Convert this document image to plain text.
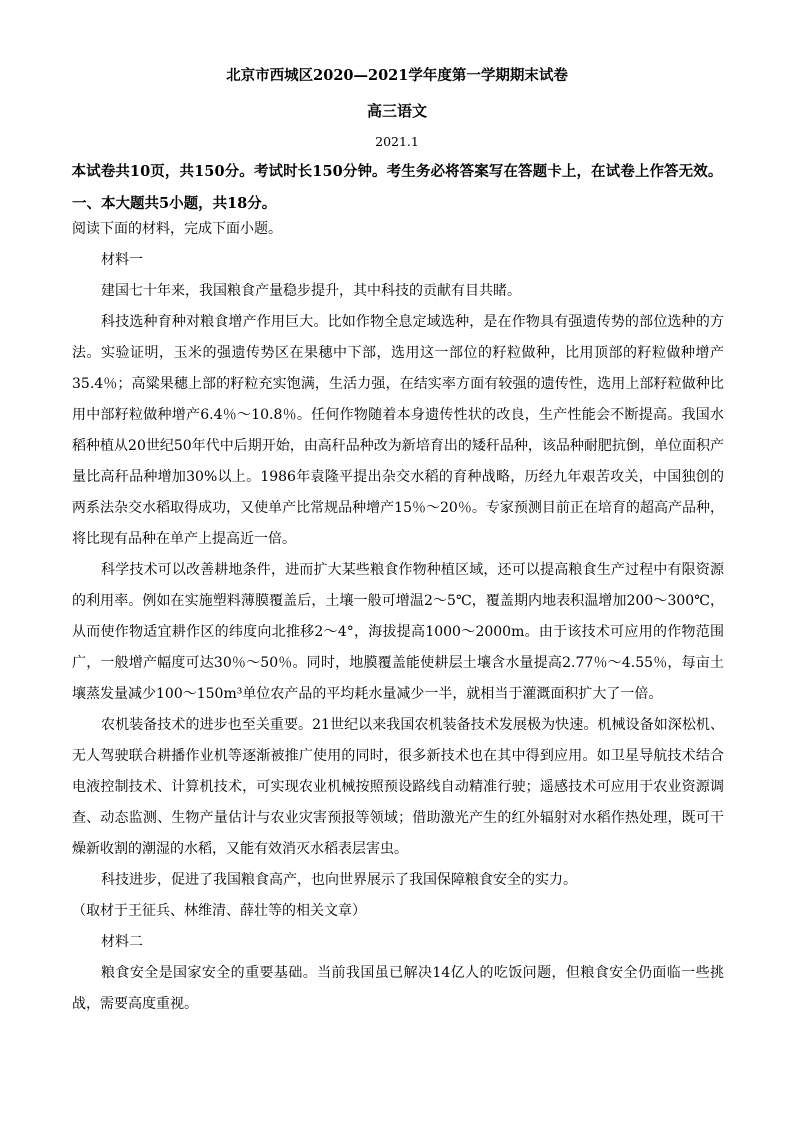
北京市西城区2020—2021学年度第一学期期末试卷
高三语文
2021.1
本试卷共10页，共150分。考试时长150分钟。考生务必将答案写在答题卡上，在试卷上作答无效。
一、本大题共5小题，共18分。

阅读下面的材料，完成下面小题。

材料一

建国七十年来，我国粮食产量稳步提升，其中科技的贡献有目共睹。

科技选种育种对粮食增产作用巨大。比如作物全息定域选种，是在作物具有强遗传势的部位选种的方法。实验证明，玉米的强遗传势区在果穗中下部，选用这一部位的籽粒做种，比用顶部的籽粒做种增产35.4％；高粱果穗上部的籽粒充实饱满，生活力强，在结实率方面有较强的遗传性，选用上部籽粒做种比用中部籽粒做种增产6.4％～10.8％。任何作物随着本身遗传性状的改良，生产性能会不断提高。我国水稻种植从20世纪50年代中后期开始，由高秆品种改为新培育出的矮秆品种，该品种耐肥抗倒，单位面积产量比高秆品种增加30%以上。1986年袁隆平提出杂交水稻的育种战略，历经九年艰苦攻关，中国独创的两系法杂交水稻取得成功，又使单产比常规品种增产15％～20％。专家预测目前正在培育的超高产品种，将比现有品种在单产上提高近一倍。

科学技术可以改善耕地条件，进而扩大某些粮食作物种植区域，还可以提高粮食生产过程中有限资源的利用率。例如在实施塑料薄膜覆盖后，土壤一般可增温2～5℃，覆盖期内地表积温增加200～300℃，从而使作物适宜耕作区的纬度向北推移2～4°，海拔提高1000～2000m。由于该技术可应用的作物范围广，一般增产幅度可达30％～50％。同时，地膜覆盖能使耕层土壤含水量提高2.77％～4.55％，每亩土壤蒸发量减少100～150m³单位农产品的平均耗水量减少一半，就相当于灌溉面积扩大了一倍。

农机装备技术的进步也至关重要。21世纪以来我国农机装备技术发展极为快速。机械设备如深松机、无人驾驶联合耕播作业机等逐渐被推广使用的同时，很多新技术也在其中得到应用。如卫星导航技术结合电液控制技术、计算机技术，可实现农业机械按照预设路线自动精准行驶；遥感技术可应用于农业资源调查、动态监测、生物产量估计与农业灾害预报等领域；借助激光产生的红外辐射对水稻作热处理，既可干燥新收割的潮湿的水稻，又能有效消灭水稻表层害虫。

科技进步，促进了我国粮食高产，也向世界展示了我国保障粮食安全的实力。

（取材于王征兵、林维清、薛壮等的相关文章）

材料二

粮食安全是国家安全的重要基础。当前我国虽已解决14亿人的吃饭问题，但粮食安全仍面临一些挑战，需要高度重视。
